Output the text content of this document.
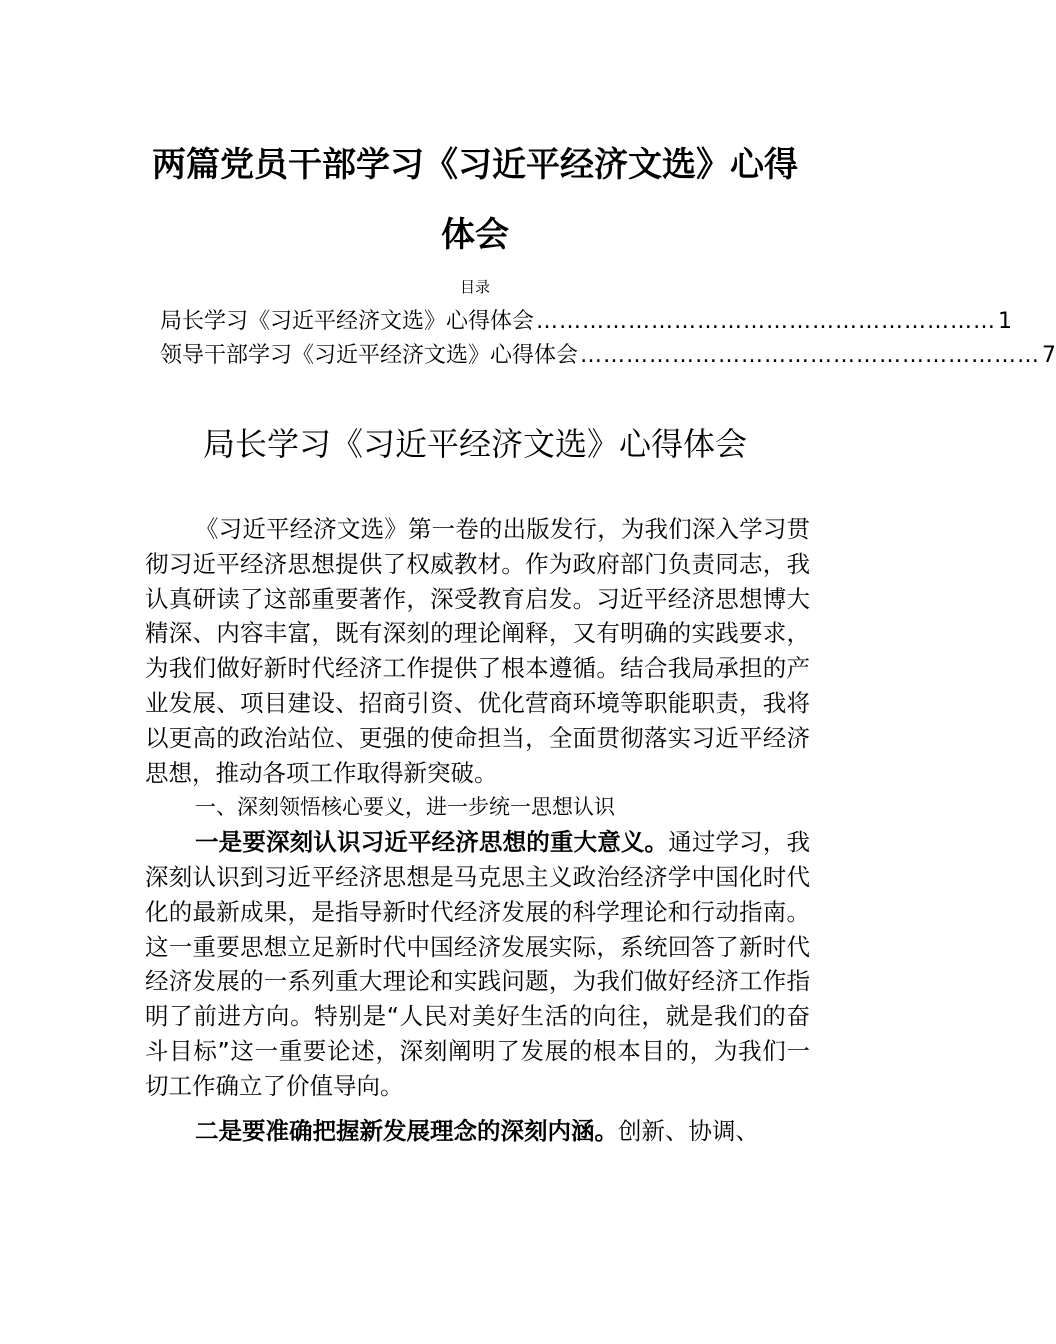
两篇党员干部学习《习近平经济文选》心得体会
目录
局长学习《习近平经济文选》心得体会 …………………………………………………… 1
领导干部学习《习近平经济文选》心得体会 …………………………………………………… 7
局长学习《习近平经济文选》心得体会

《习近平经济文选》第一卷的出版发行，为我们深入学习贯彻习近平经济思想提供了权威教材。作为政府部门负责同志，我认真研读了这部重要著作，深受教育启发。习近平经济思想博大精深、内容丰富，既有深刻的理论阐释，又有明确的实践要求，为我们做好新时代经济工作提供了根本遵循。结合我局承担的产业发展、项目建设、招商引资、优化营商环境等职能职责，我将以更高的政治站位、更强的使命担当，全面贯彻落实习近平经济思想，推动各项工作取得新突破。

一、深刻领悟核心要义，进一步统一思想认识

一是要深刻认识习近平经济思想的重大意义。通过学习，我深刻认识到习近平经济思想是马克思主义政治经济学中国化时代化的最新成果，是指导新时代经济发展的科学理论和行动指南。这一重要思想立足新时代中国经济发展实际，系统回答了新时代经济发展的一系列重大理论和实践问题，为我们做好经济工作指明了前进方向。特别是“人民对美好生活的向往，就是我们的奋斗目标”这一重要论述，深刻阐明了发展的根本目的，为我们一切工作确立了价值导向。

二是要准确把握新发展理念的深刻内涵。创新、协调、
